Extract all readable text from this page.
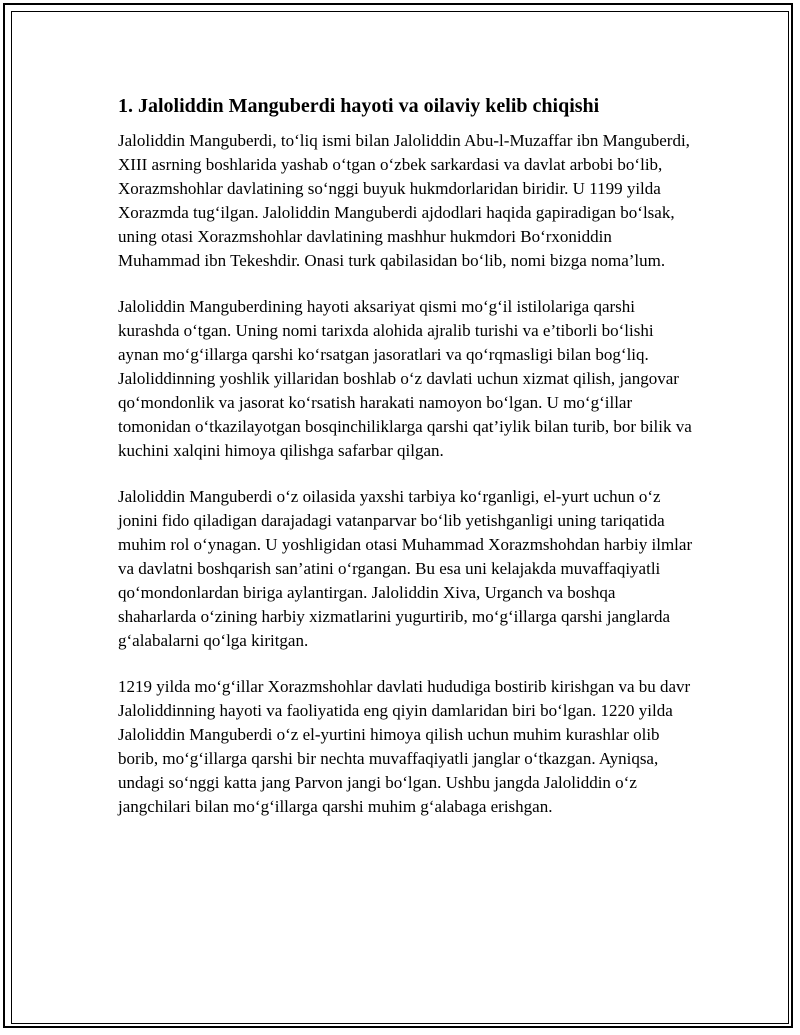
1. Jaloliddin Manguberdi hayoti va oilaviy kelib chiqishi

Jaloliddin Manguberdi, to‘liq ismi bilan Jaloliddin Abu-l-Muzaffar ibn Manguberdi, XIII asrning boshlarida yashab o‘tgan o‘zbek sarkardasi va davlat arbobi bo‘lib, Xorazmshohlar davlatining so‘nggi buyuk hukmdorlaridan biridir. U 1199 yilda Xorazmda tug‘ilgan. Jaloliddin Manguberdi ajdodlari haqida gapiradigan bo‘lsak, uning otasi Xorazmshohlar davlatining mashhur hukmdori Bo‘rxoniddin Muhammad ibn Tekeshdir. Onasi turk qabilasidan bo‘lib, nomi bizga noma’lum.

Jaloliddin Manguberdining hayoti aksariyat qismi mo‘g‘il istilolariga qarshi kurashda o‘tgan. Uning nomi tarixda alohida ajralib turishi va e’tiborli bo‘lishi aynan mo‘g‘illarga qarshi ko‘rsatgan jasoratlari va qo‘rqmasligi bilan bog‘liq. Jaloliddinning yoshlik yillaridan boshlab o‘z davlati uchun xizmat qilish, jangovar qo‘mondonlik va jasorat ko‘rsatish harakati namoyon bo‘lgan. U mo‘g‘illar tomonidan o‘tkazilayotgan bosqinchiliklarga qarshi qat’iylik bilan turib, bor bilik va kuchini xalqini himoya qilishga safarbar qilgan.

Jaloliddin Manguberdi o‘z oilasida yaxshi tarbiya ko‘rganligi, el-yurt uchun o‘z jonini fido qiladigan darajadagi vatanparvar bo‘lib yetishganligi uning tariqatida muhim rol o‘ynagan. U yoshligidan otasi Muhammad Xorazmshohdan harbiy ilmlar va davlatni boshqarish san’atini o‘rgangan. Bu esa uni kelajakda muvaffaqiyatli qo‘mondonlardan biriga aylantirgan. Jaloliddin Xiva, Urganch va boshqa shaharlarda o‘zining harbiy xizmatlarini yugurtirib, mo‘g‘illarga qarshi janglarda g‘alabalarni qo‘lga kiritgan.

1219 yilda mo‘g‘illar Xorazmshohlar davlati hududiga bostirib kirishgan va bu davr Jaloliddinning hayoti va faoliyatida eng qiyin damlaridan biri bo‘lgan. 1220 yilda Jaloliddin Manguberdi o‘z el-yurtini himoya qilish uchun muhim kurashlar olib borib, mo‘g‘illarga qarshi bir nechta muvaffaqiyatli janglar o‘tkazgan. Ayniqsa, undagi so‘nggi katta jang Parvon jangi bo‘lgan. Ushbu jangda Jaloliddin o‘z jangchilari bilan mo‘g‘illarga qarshi muhim g‘alabaga erishgan.
